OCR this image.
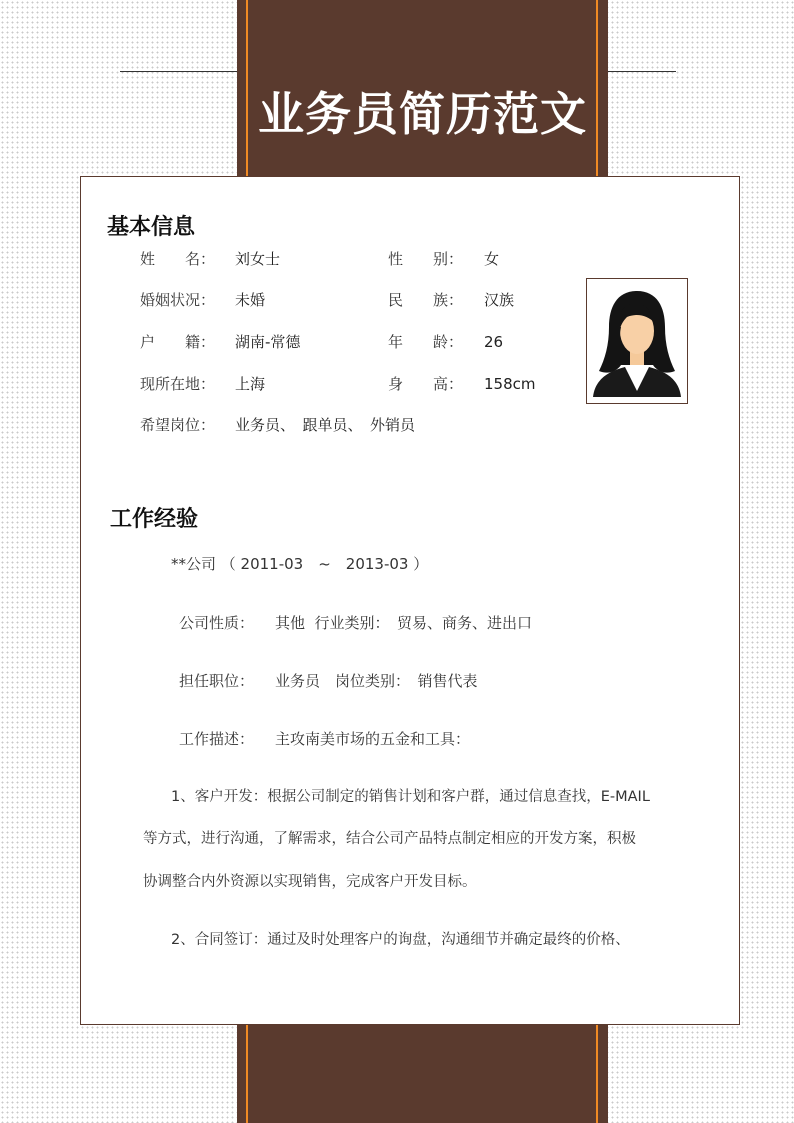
业务员简历范文
基本信息
姓　　名： 刘女士	性　　别： 女
婚姻状况： 未婚	民　　族： 汉族
户　　籍： 湖南-常德	年　　龄： 26
现所在地： 上海	身　　高： 158cm
希望岗位： 业务员、　跟单员、　外销员
工作经验
**公司 （ 2011-03　~　2013-03 ）
公司性质： 其他  行业类别：　贸易、商务、进出口
担任职位： 业务员　岗位类别：　销售代表
工作描述： 主攻南美市场的五金和工具：
1、客户开发：根据公司制定的销售计划和客户群，通过信息查找，E-MAIL
等方式，进行沟通，了解需求，结合公司产品特点制定相应的开发方案，积极
协调整合内外资源以实现销售，完成客户开发目标。
2、合同签订：通过及时处理客户的询盘，沟通细节并确定最终的价格、
